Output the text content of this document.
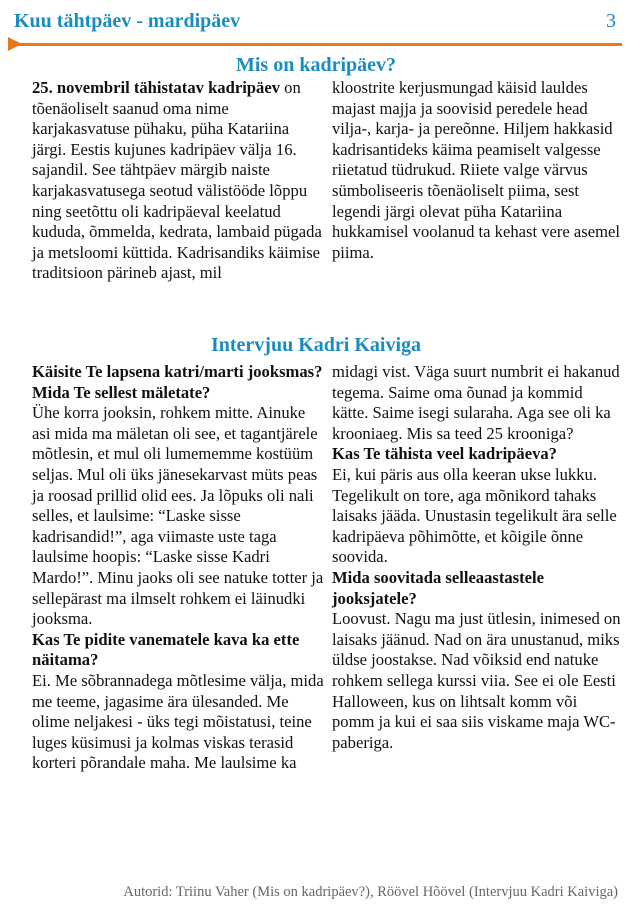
Kuu tähtpäev - mardipäev	3
Mis on kadripäev?

25. novembril tähistatav kadripäev on tõenäoliselt saanud oma nime karjakasvatuse pühaku, püha Katariina järgi. Eestis kujunes kadripäev välja 16. sajandil. See tähtpäev märgib naiste karjakasvatusega seotud välistööde lõppu ning seetõttu oli kadripäeval keelatud kududa, õmmelda, kedrata, lambaid pügada ja metsloomi küttida. Kadrisandiks käimise traditsioon pärineb ajast, mil

kloostrite kerjusmungad käisid lauldes majast majja ja soovisid peredele head vilja-, karja- ja pereõnne. Hiljem hakkasid kadrisantideks käima peamiselt valgesse riietatud tüdrukud. Riiete valge värvus sümboliseeris tõenäoliselt piima, sest legendi järgi olevat püha Katariina hukkamisel voolanud ta kehast vere asemel piima.

Intervjuu Kadri Kaiviga

Käisite Te lapsena katri/marti jooksmas? Mida Te sellest mäletate?

Ühe korra jooksin, rohkem mitte. Ainuke asi mida ma mäletan oli see, et tagantjärele mõtlesin, et mul oli lumememme kostüüm seljas. Mul oli üks jänesekarvast müts peas ja roosad prillid olid ees. Ja lõpuks oli nali selles, et laulsime: “Laske sisse kadrisandid!”, aga viimaste uste taga laulsime hoopis: “Laske sisse Kadri Mardo!”. Minu jaoks oli see natuke totter ja sellepärast ma ilmselt rohkem ei läinudki jooksma.

Kas Te pidite vanematele kava ka ette näitama?

Ei. Me sõbrannadega mõtlesime välja, mida me teeme, jagasime ära ülesanded. Me olime neljakesi - üks tegi mõistatusi, teine luges küsimusi ja kolmas viskas terasid korteri põrandale maha. Me laulsime ka

midagi vist. Väga suurt numbrit ei hakanud tegema. Saime oma õunad ja kommid kätte. Saime isegi sularaha. Aga see oli ka krooniaeg. Mis sa teed 25 krooniga?

Kas Te tähista veel kadripäeva?

Ei, kui päris aus olla keeran ukse lukku. Tegelikult on tore, aga mõnikord tahaks laisaks jääda. Unustasin tegelikult ära selle kadripäeva põhimõtte, et kõigile õnne soovida.

Mida soovitada selleaastastele jooksjatele?

Loovust. Nagu ma just ütlesin, inimesed on laisaks jäänud. Nad on ära unustanud, miks üldse joostakse. Nad võiksid end natuke rohkem sellega kurssi viia. See ei ole Eesti Halloween, kus on lihtsalt komm või pomm ja kui ei saa siis viskame maja WC-paberiga.

Autorid: Triinu Vaher (Mis on kadripäev?), Röövel Hõövel (Intervjuu Kadri Kaiviga)
